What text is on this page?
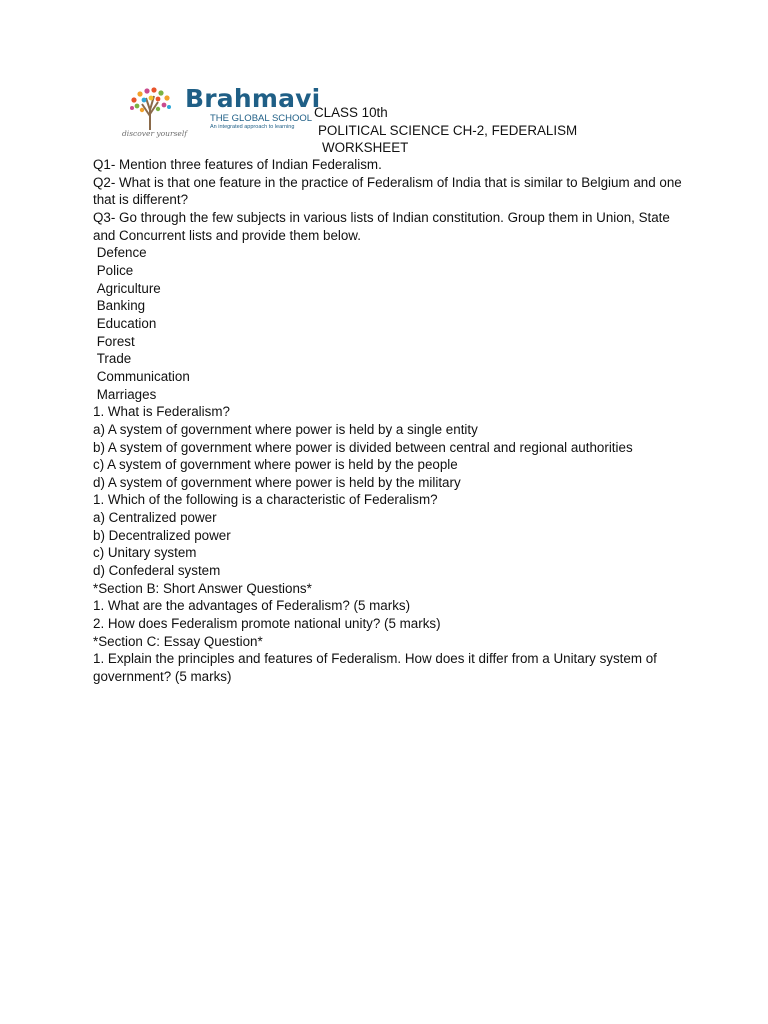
Brahmavi
THE GLOBAL SCHOOL
An integrated approach to learning
discover yourself
CLASS 10th
POLITICAL SCIENCE CH-2, FEDERALISM
WORKSHEET
Q1- Mention three features of Indian Federalism.
Q2- What is that one feature in the practice of Federalism of India that is similar to Belgium and one that is different?
Q3- Go through the few subjects in various lists of Indian constitution. Group them in Union, State and Concurrent lists and provide them below.
Defence
Police
Agriculture
Banking
Education
Forest
Trade
Communication
Marriages
1. What is Federalism?
a) A system of government where power is held by a single entity
b) A system of government where power is divided between central and regional authorities
c) A system of government where power is held by the people
d) A system of government where power is held by the military
1. Which of the following is a characteristic of Federalism?
a) Centralized power
b) Decentralized power
c) Unitary system
d) Confederal system
*Section B: Short Answer Questions*
1. What are the advantages of Federalism? (5 marks)
2. How does Federalism promote national unity? (5 marks)
*Section C: Essay Question*
1. Explain the principles and features of Federalism. How does it differ from a Unitary system of government? (5 marks)
